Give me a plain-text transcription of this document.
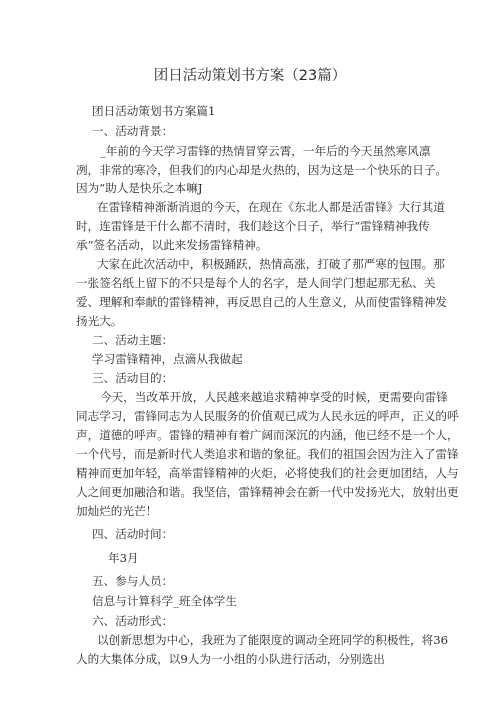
团日活动策划书方案（23篇）
团日活动策划书方案篇1
一、活动背景：
_年前的今天学习雷锋的热情冒穿云霄，一年后的今天虽然寒风凛
冽，非常的寒冷，但我们的内心却是火热的，因为这是一个快乐的日子。
因为“助人是快乐之本嘛J
在雷锋精神渐渐消退的今天，在现在《东北人都是活雷锋》大行其道
时，连雷锋是干什么都不清时，我们趁这个日子，举行“雷锋精神我传
承”签名活动，以此来发扬雷锋精神。
大家在此次活动中，积极踊跃，热情高涨，打破了那严寒的包围。那
一张签名纸上留下的不只是每个人的名字，是人间学门想起那无私、关
爱、理解和奉献的雷锋精神，再反思自己的人生意义，从而使雷锋精神发
扬光大。
二、活动主题：
学习雷锋精神，点滴从我做起
三、活动目的：
今天，当改革开放，人民越来越追求精神享受的时候，更需要向雷锋
同志学习，雷锋同志为人民服务的价值观已成为人民永远的呼声，正义的呼
声，道德的呼声。雷锋的精神有着广阔而深沉的内涵，他已经不是一个人，
一个代号，而是新时代人类追求和谐的象征。我们的祖国会因为注入了雷锋
精神而更加年轻，高举雷锋精神的火炬，必将使我们的社会更加团结，人与
人之间更加融洽和谐。我坚信，雷锋精神会在新一代中发扬光大，放射出更
加灿烂的光芒！
四、活动时间：
年3月
五、参与人员：
信息与计算科学_班全体学生
六、活动形式：
以创新思想为中心，我班为了能限度的调动全班同学的积极性，将36
人的大集体分成，以9人为一小组的小队进行活动，分别选出
